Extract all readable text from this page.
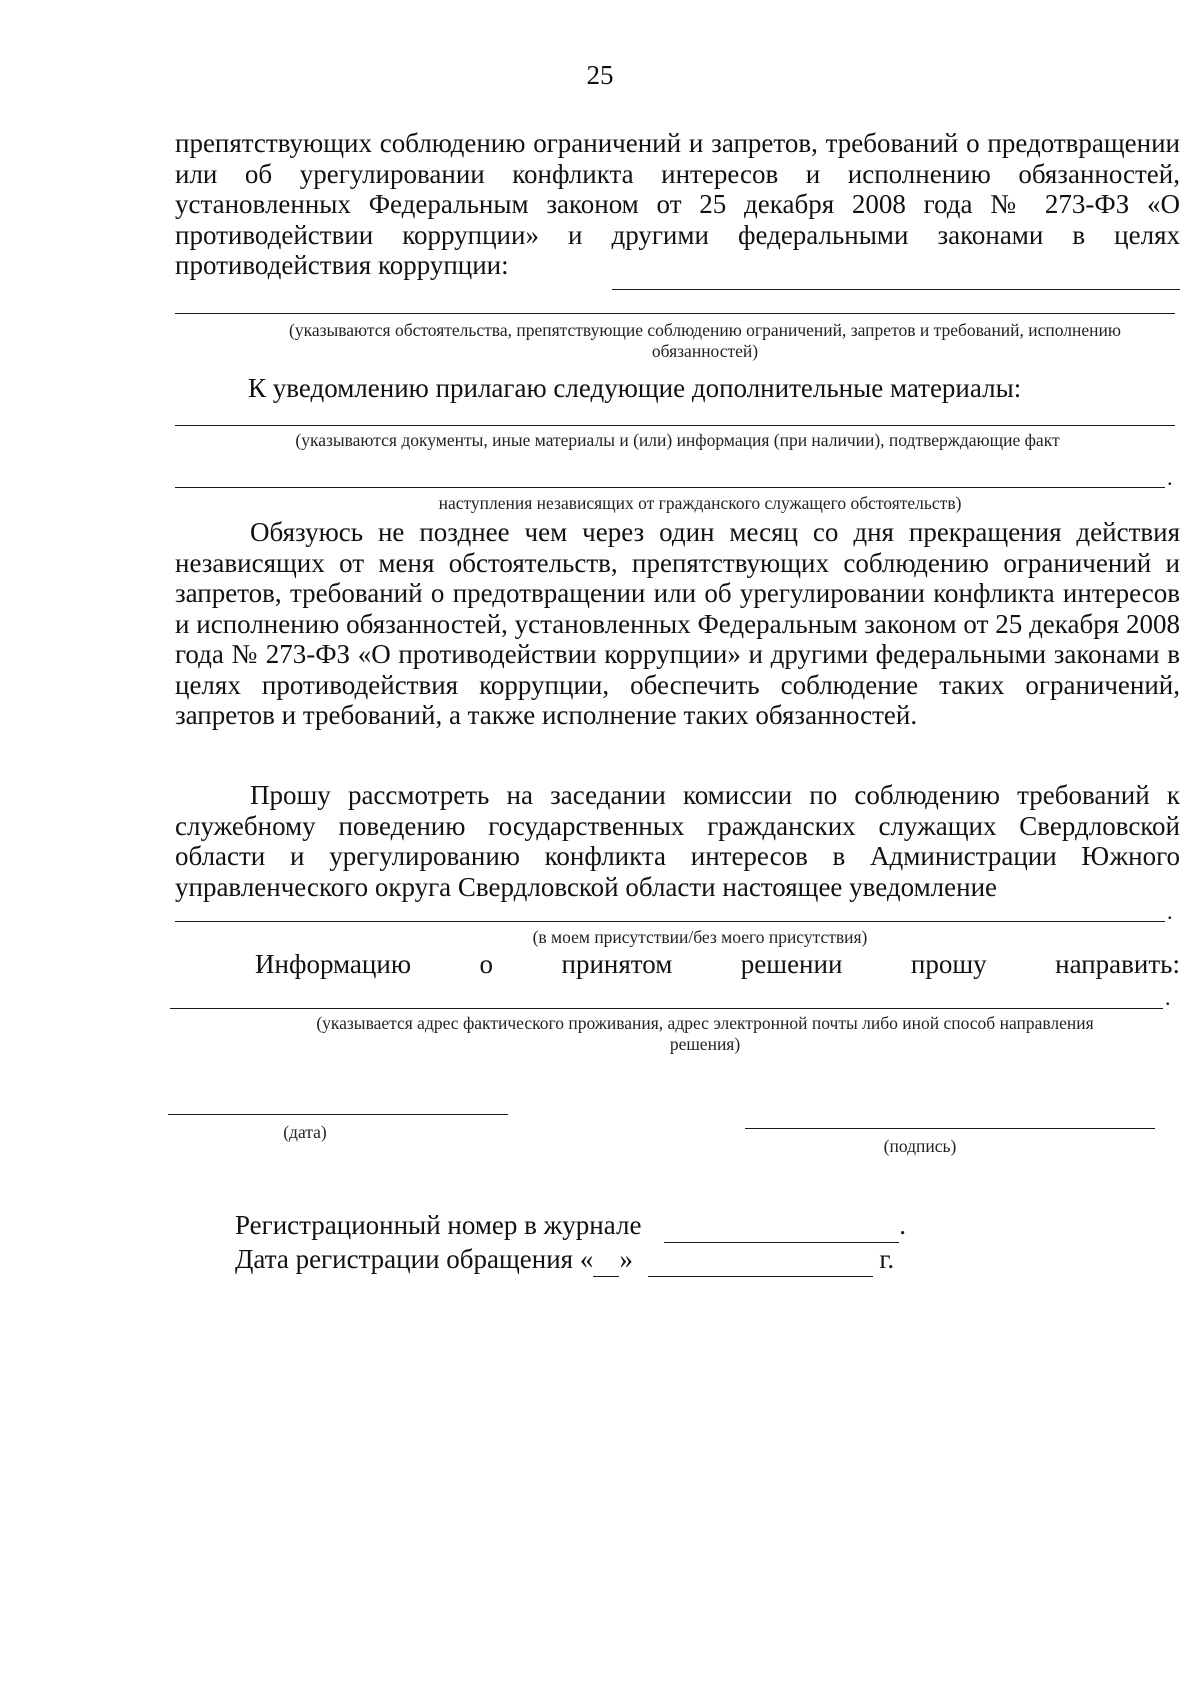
25
препятствующих соблюдению ограничений и запретов, требований о предотвращении или об урегулировании конфликта интересов и исполнению обязанностей, установленных Федеральным законом от 25 декабря 2008 года № 273-ФЗ «О противодействии коррупции» и другими федеральными законами в целях противодействия коррупции:
(указываются обстоятельства, препятствующие соблюдению ограничений, запретов и требований, исполнению обязанностей)
К уведомлению прилагаю следующие дополнительные материалы:
(указываются документы, иные материалы и (или) информация (при наличии), подтверждающие факт
.
наступления независящих от гражданского служащего обстоятельств)
Обязуюсь не позднее чем через один месяц со дня прекращения действия независящих от меня обстоятельств, препятствующих соблюдению ограничений и запретов, требований о предотвращении или об урегулировании конфликта интересов и исполнению обязанностей, установленных Федеральным законом от 25 декабря 2008 года № 273-ФЗ «О противодействии коррупции» и другими федеральными законами в целях противодействия коррупции, обеспечить соблюдение таких ограничений, запретов и требований, а также исполнение таких обязанностей.
Прошу рассмотреть на заседании комиссии по соблюдению требований к служебному поведению государственных гражданских служащих Свердловской области и урегулированию конфликта интересов в Администрации Южного управленческого округа Свердловской области настоящее уведомление
.
(в моем присутствии/без моего присутствия)
Информацию	о	принятом	решении	прошу	направить:
.
(указывается адрес фактического проживания, адрес электронной почты либо иной способ направления решения)
(дата)
(подпись)
Регистрационный номер в журнале	.
Дата регистрации обращения « »	г.
